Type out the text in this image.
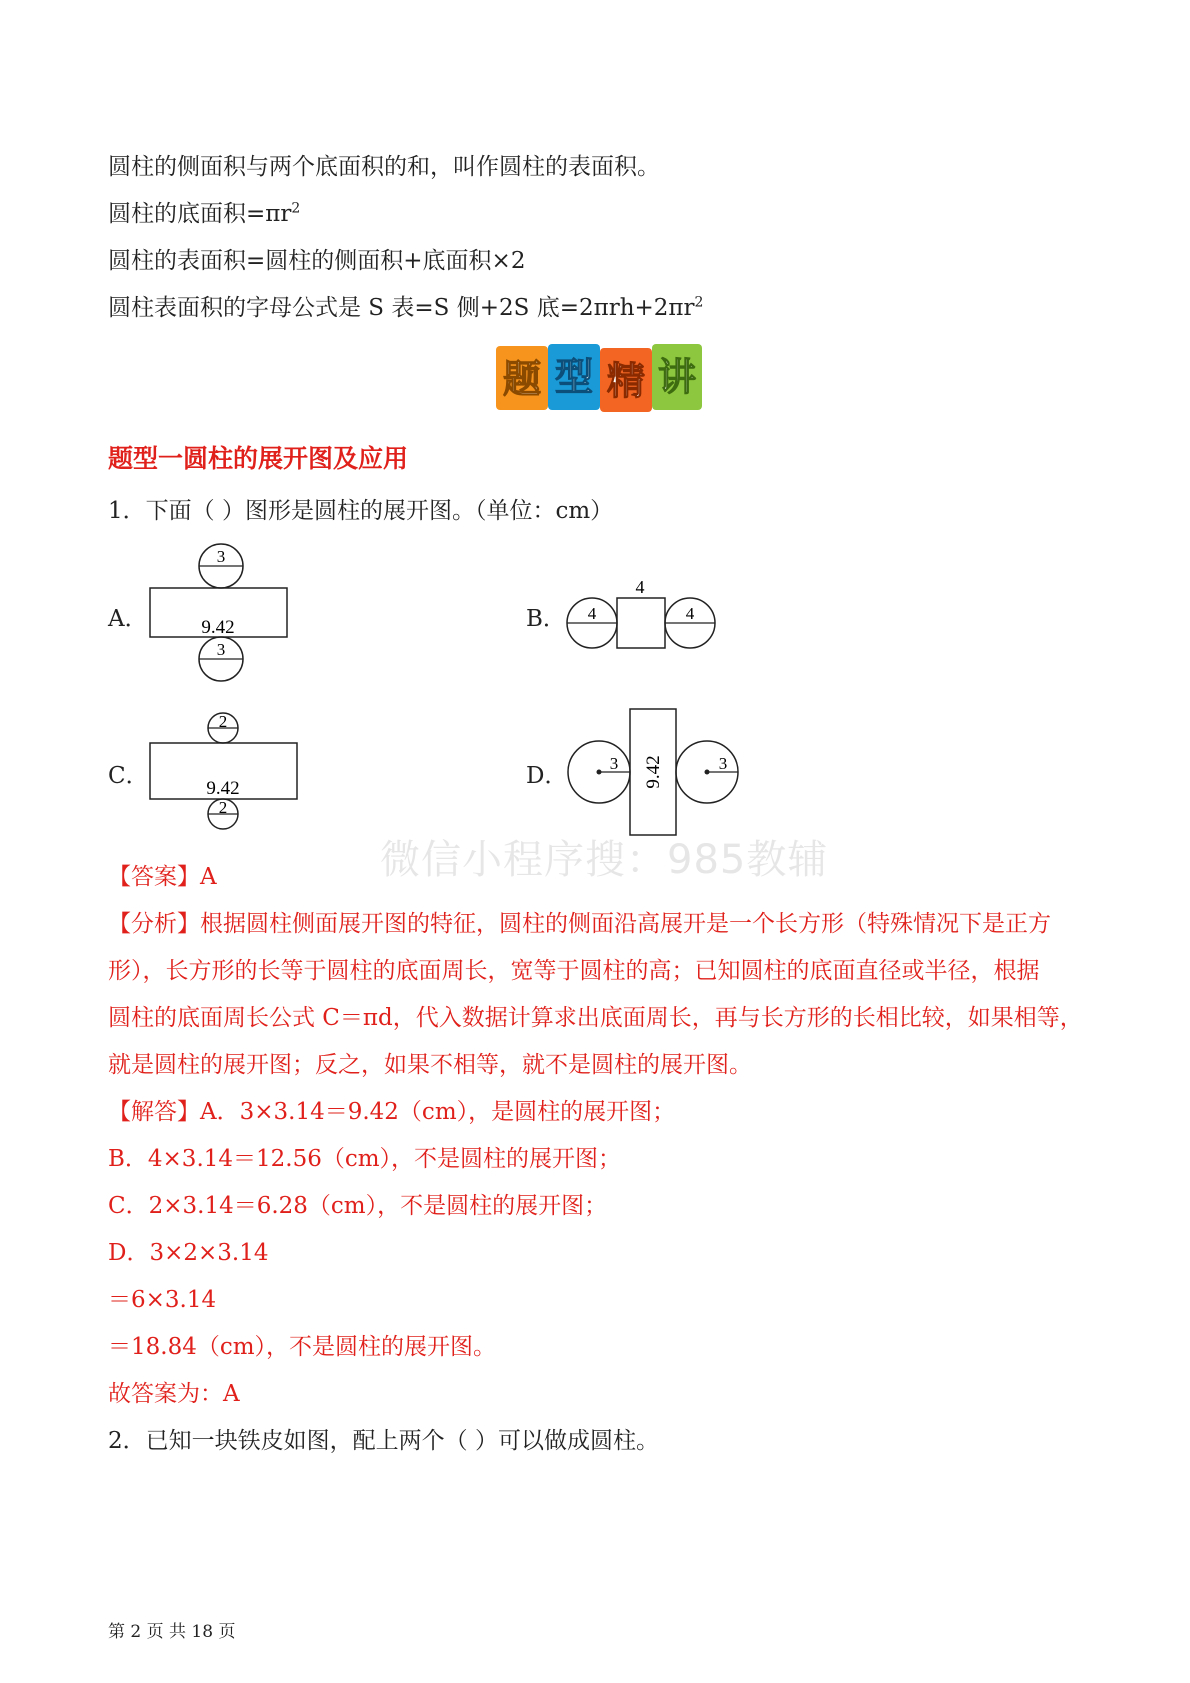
圆柱的侧面积与两个底面积的和，叫作圆柱的表面积。
圆柱的底面积$=\pi r^2$
圆柱的表面积=圆柱的侧面积+底面积×2
圆柱表面积的字母公式是 S 表=S 侧+2S 底$=2\pi rh+2\pi r^2$
题 型 精 讲
题型一圆柱的展开图及应用
1．下面（ ）图形是圆柱的展开图。（单位：cm）
A．
3
9.42
3
B．
4
4	4
C．
2
9.42
2
D．	9.42
3	3
微信小程序搜：985教辅
【答案】A
【分析】根据圆柱侧面展开图的特征，圆柱的侧面沿高展开是一个长方形（特殊情况下是正方
形），长方形的长等于圆柱的底面周长，宽等于圆柱的高；已知圆柱的底面直径或半径，根据
圆柱的底面周长公式 C＝πd，代入数据计算求出底面周长，再与长方形的长相比较，如果相等，
就是圆柱的展开图；反之，如果不相等，就不是圆柱的展开图。
【解答】A．3×3.14＝9.42（cm），是圆柱的展开图；
B．4×3.14＝12.56（cm），不是圆柱的展开图；
C．2×3.14＝6.28（cm），不是圆柱的展开图；
D．3×2×3.14
＝6×3.14
＝18.84（cm），不是圆柱的展开图。
故答案为：A
2．已知一块铁皮如图，配上两个（ ）可以做成圆柱。
第 2 页 共 18 页
